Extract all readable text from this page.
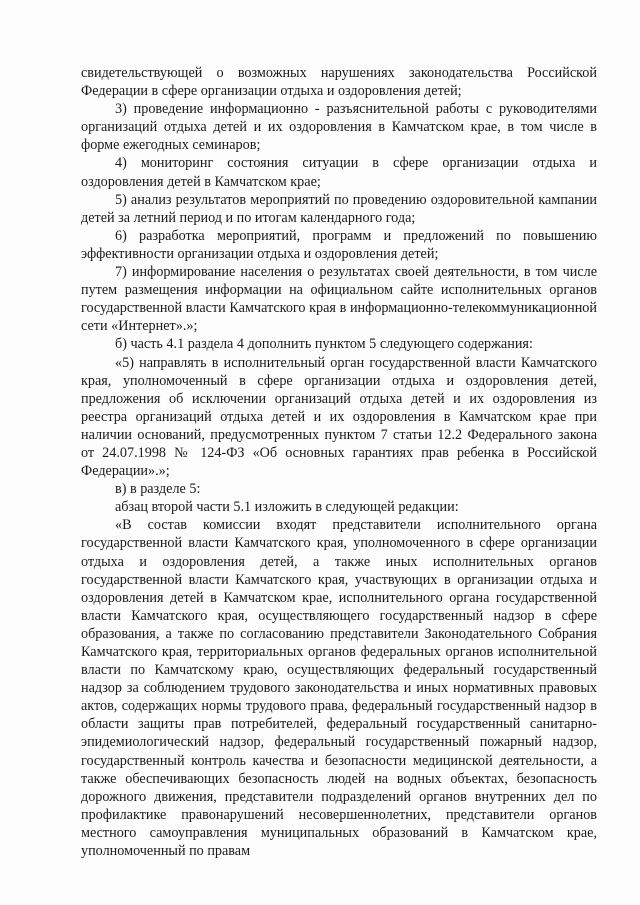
свидетельствующей о возможных нарушениях законодательства Российской Федерации в сфере организации отдыха и оздоровления детей;

3) проведение информационно - разъяснительной работы с руководителями организаций отдыха детей и их оздоровления в Камчатском крае, в том числе в форме ежегодных семинаров;

4) мониторинг состояния ситуации в сфере организации отдыха и оздоровления детей в Камчатском крае;

5) анализ результатов мероприятий по проведению оздоровительной кампании детей за летний период и по итогам календарного года;

6) разработка мероприятий, программ и предложений по повышению эффективности организации отдыха и оздоровления детей;

7) информирование населения о результатах своей деятельности, в том числе путем размещения информации на официальном сайте исполнительных органов государственной власти Камчатского края в информационно-телекоммуникационной сети «Интернет».»;

б) часть 4.1 раздела 4 дополнить пунктом 5 следующего содержания:

«5) направлять в исполнительный орган государственной власти Камчатского края, уполномоченный в сфере организации отдыха и оздоровления детей, предложения об исключении организаций отдыха детей и их оздоровления из реестра организаций отдыха детей и их оздоровления в Камчатском крае при наличии оснований, предусмотренных пунктом 7 статьи 12.2 Федерального закона от 24.07.1998 № 124-ФЗ «Об основных гарантиях прав ребенка в Российской Федерации».»;

в) в разделе 5:

абзац второй части 5.1 изложить в следующей редакции:

«В состав комиссии входят представители исполнительного органа государственной власти Камчатского края, уполномоченного в сфере организации отдыха и оздоровления детей, а также иных исполнительных органов государственной власти Камчатского края, участвующих в организации отдыха и оздоровления детей в Камчатском крае, исполнительного органа государственной власти Камчатского края, осуществляющего государственный надзор в сфере образования, а также по согласованию представители Законодательного Собрания Камчатского края, территориальных органов федеральных органов исполнительной власти по Камчатскому краю, осуществляющих федеральный государственный надзор за соблюдением трудового законодательства и иных нормативных правовых актов, содержащих нормы трудового права, федеральный государственный надзор в области защиты прав потребителей, федеральный государственный санитарно-эпидемиологический надзор, федеральный государственный пожарный надзор, государственный контроль качества и безопасности медицинской деятельности, а также обеспечивающих безопасность людей на водных объектах, безопасность дорожного движения, представители подразделений органов внутренних дел по профилактике правонарушений несовершеннолетних, представители органов местного самоуправления муниципальных образований в Камчатском крае, уполномоченный по правам
